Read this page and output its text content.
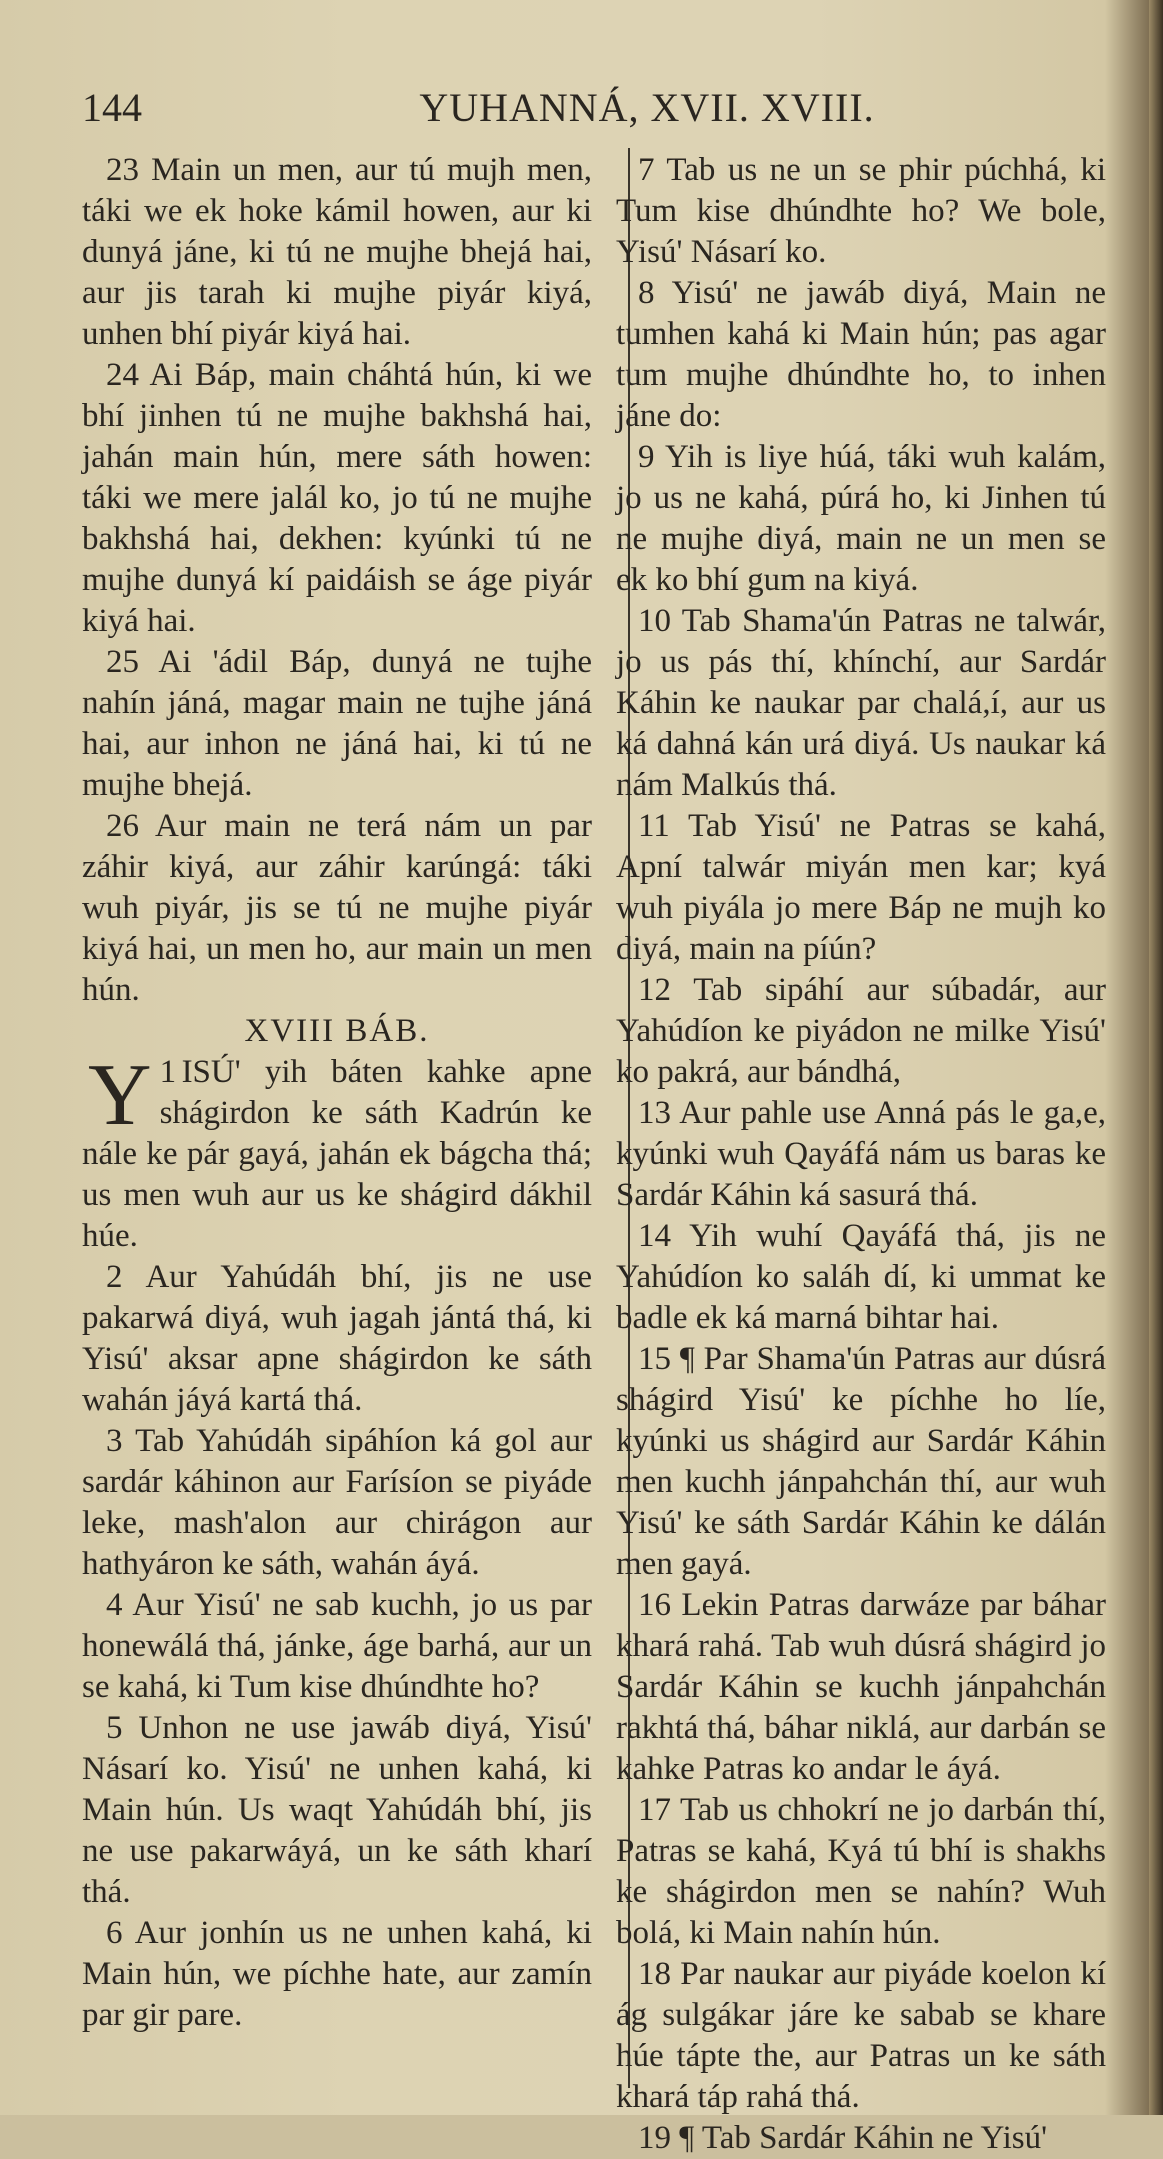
144	YUHANNÁ, XVII. XVIII.

23 Main un men, aur tú mujh men, táki we ek hoke kámil howen, aur ki dunyá jáne, ki tú ne mujhe bhejá hai, aur jis tarah ki mujhe piyár kiyá, unhen bhí piyár kiyá hai.

24 Ai Báp, main cháhtá hún, ki we bhí jinhen tú ne mujhe bakhshá hai, jahán main hún, mere sáth howen: táki we mere jalál ko, jo tú ne mujhe bakhshá hai, dekhen: kyúnki tú ne mujhe dunyá kí paidáish se áge piyár kiyá hai.

25 Ai 'ádil Báp, dunyá ne tujhe nahín jáná, magar main ne tujhe jáná hai, aur inhon ne jáná hai, ki tú ne mujhe bhejá.

26 Aur main ne terá nám un par záhir kiyá, aur záhir karúngá: táki wuh piyár, jis se tú ne mujhe piyár kiyá hai, un men ho, aur main un men hún.

XVIII BÁB.

1
Y ISÚ' yih báten kahke apne shágirdon ke sáth Kadrún ke nále ke pár gayá, jahán ek bágcha thá; us men wuh aur us ke shágird dákhil húe.

2 Aur Yahúdáh bhí, jis ne use pakarwá diyá, wuh jagah jántá thá, ki Yisú' aksar apne shágirdon ke sáth wahán jáyá kartá thá.

3 Tab Yahúdáh sipáhíon ká gol aur sardár káhinon aur Farísíon se piyáde leke, mash'alon aur chirágon aur hathyáron ke sáth, wahán áyá.

4 Aur Yisú' ne sab kuchh, jo us par honewálá thá, jánke, áge barhá, aur un se kahá, ki Tum kise dhúndhte ho?

5 Unhon ne use jawáb diyá, Yisú' Násarí ko. Yisú' ne unhen kahá, ki Main hún. Us waqt Yahúdáh bhí, jis ne use pakarwáyá, un ke sáth kharí thá.

6 Aur jonhín us ne unhen kahá, ki Main hún, we píchhe hate, aur zamín par gir pare.

7 Tab us ne un se phir púchhá, ki Tum kise dhúndhte ho? We bole, Yisú' Násarí ko.

8 Yisú' ne jawáb diyá, Main ne tumhen kahá ki Main hún; pas agar tum mujhe dhúndhte ho, to inhen jáne do:

9 Yih is liye húá, táki wuh kalám, jo us ne kahá, púrá ho, ki Jinhen tú ne mujhe diyá, main ne un men se ek ko bhí gum na kiyá.

10 Tab Shama'ún Patras ne talwár, jo us pás thí, khínchí, aur Sardár Káhin ke naukar par chalá,í, aur us ká dahná kán urá diyá. Us naukar ká nám Malkús thá.

11 Tab Yisú' ne Patras se kahá, Apní talwár miyán men kar; kyá wuh piyála jo mere Báp ne mujh ko diyá, main na píún?

12 Tab sipáhí aur súbadár, aur Yahúdíon ke piyádon ne milke Yisú' ko pakrá, aur bándhá,

13 Aur pahle use Anná pás le ga,e, kyúnki wuh Qayáfá nám us baras ke Sardár Káhin ká sasurá thá.

14 Yih wuhí Qayáfá thá, jis ne Yahúdíon ko saláh dí, ki ummat ke badle ek ká marná bihtar hai.

15 ¶ Par Shama'ún Patras aur dúsrá shágird Yisú' ke píchhe ho líe, kyúnki us shágird aur Sardár Káhin men kuchh jánpahchán thí, aur wuh Yisú' ke sáth Sardár Káhin ke dálán men gayá.

16 Lekin Patras darwáze par báhar khará rahá. Tab wuh dúsrá shágird jo Sardár Káhin se kuchh jánpahchán rakhtá thá, báhar niklá, aur darbán se kahke Patras ko andar le áyá.

17 Tab us chhokrí ne jo darbán thí, Patras se kahá, Kyá tú bhí is shakhs ke shágirdon men se nahín? Wuh bolá, ki Main nahín hún.

18 Par naukar aur piyáde koelon kí ág sulgákar járe ke sabab se khare húe tápte the, aur Patras un ke sáth khará táp rahá thá.

19 ¶ Tab Sardár Káhin ne Yisú'
